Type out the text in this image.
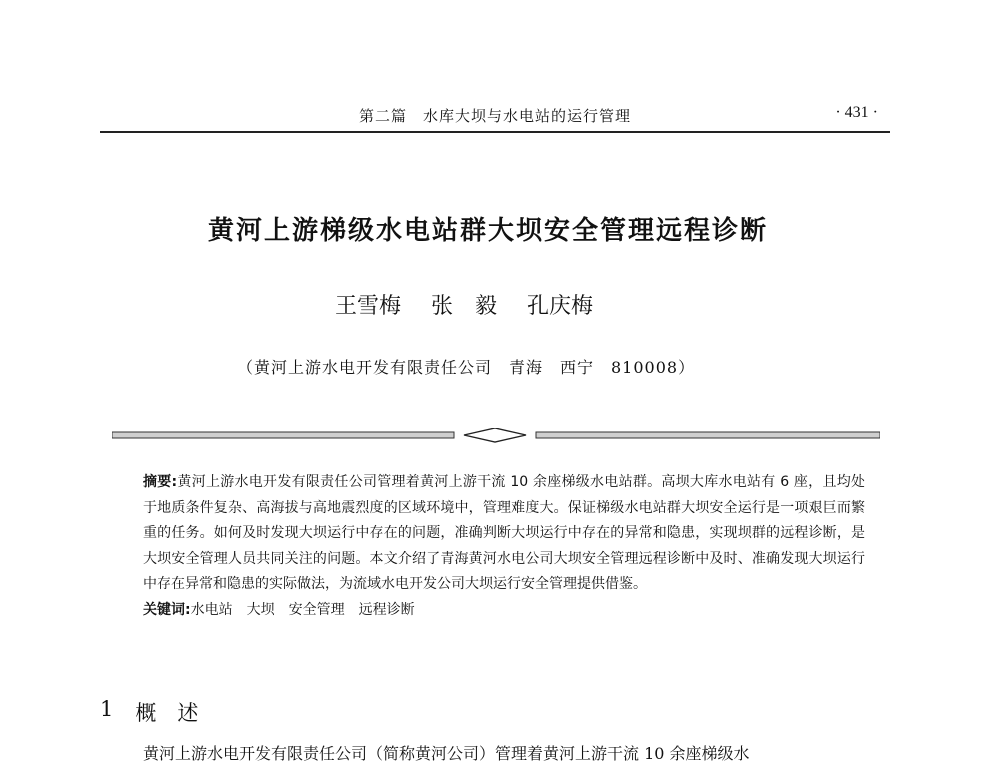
第二篇　水库大坝与水电站的运行管理	· 431 ·
黄河上游梯级水电站群大坝安全管理远程诊断
王雪梅 张　毅 孔庆梅
（黄河上游水电开发有限责任公司　青海　西宁　810008）

摘要:黄河上游水电开发有限责任公司管理着黄河上游干流 10 余座梯级水电站群。高坝大库水电站有 6 座，且均处于地质条件复杂、高海拔与高地震烈度的区域环境中，管理难度大。保证梯级水电站群大坝安全运行是一项艰巨而繁重的任务。如何及时发现大坝运行中存在的问题，准确判断大坝运行中存在的异常和隐患，实现坝群的远程诊断，是大坝安全管理人员共同关注的问题。本文介绍了青海黄河水电公司大坝安全管理远程诊断中及时、准确发现大坝运行中存在异常和隐患的实际做法，为流域水电开发公司大坝运行安全管理提供借鉴。

关键词:水电站　大坝　安全管理　远程诊断

1 概　述
黄河上游水电开发有限责任公司（简称黄河公司）管理着黄河上游干流 10 余座梯级水
